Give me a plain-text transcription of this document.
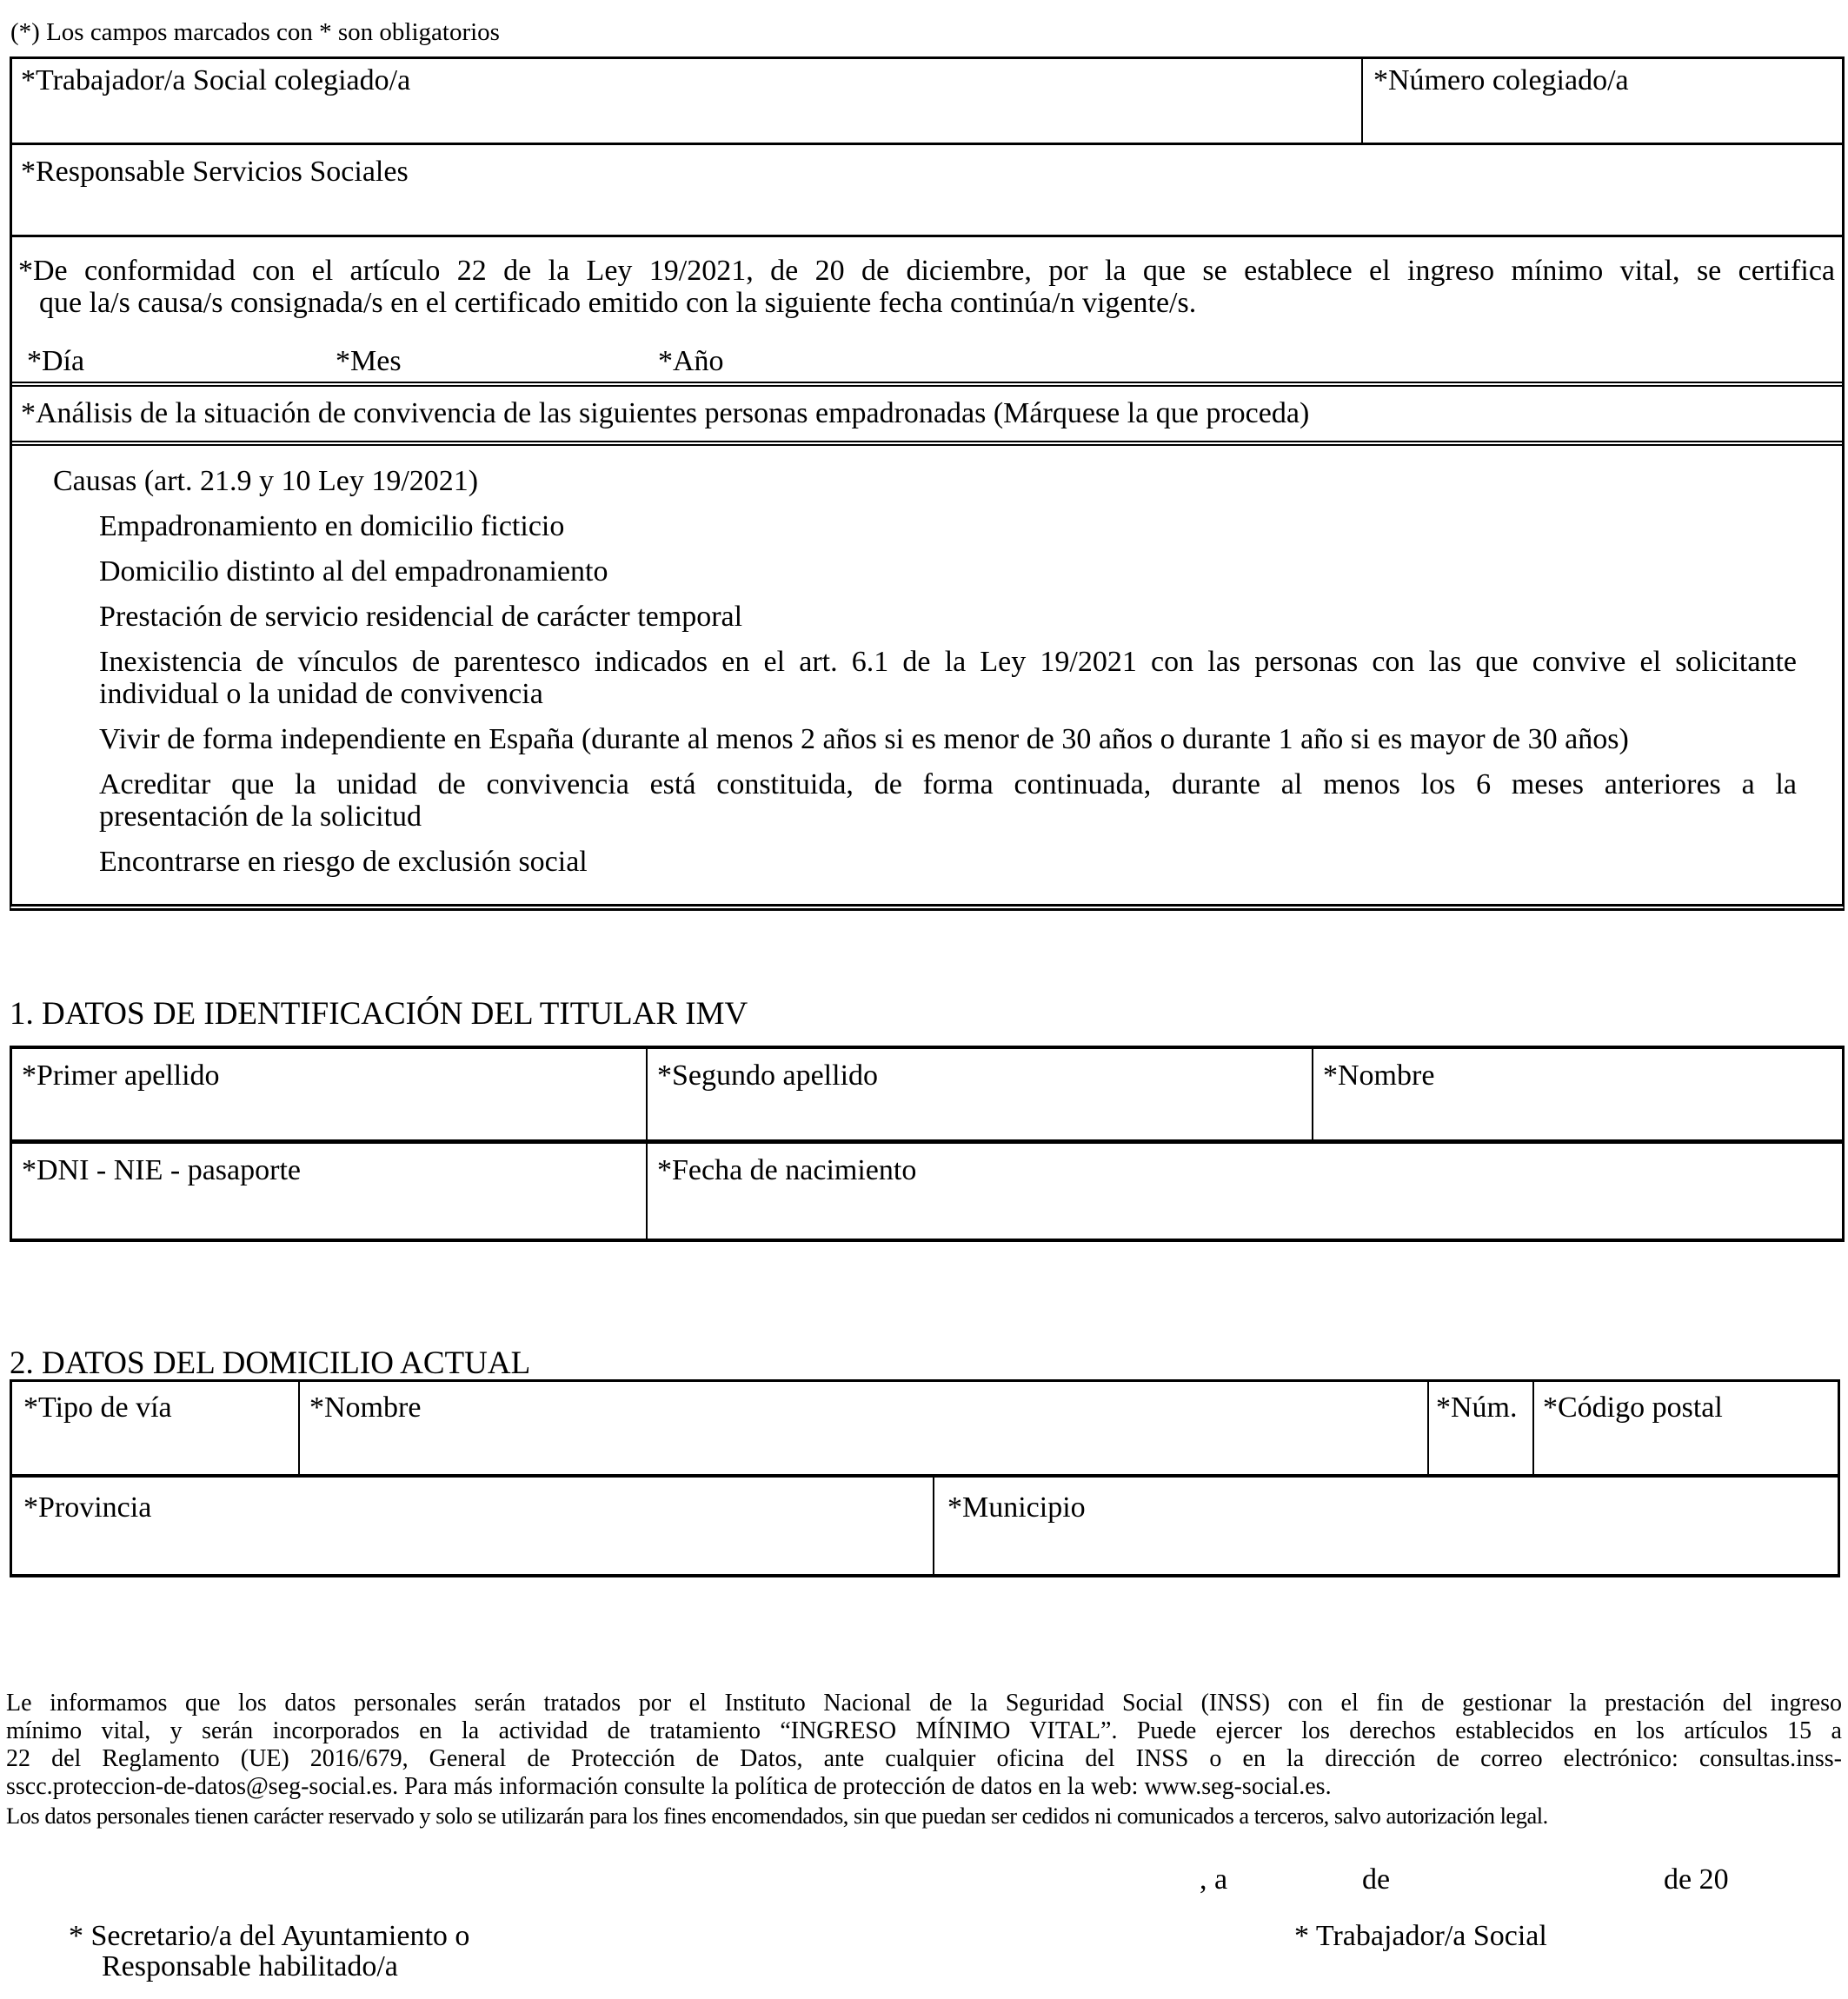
(*) Los campos marcados con * son obligatorios
*Trabajador/a Social colegiado/a	*Número colegiado/a
*Responsable Servicios Sociales
*De conformidad con el artículo 22 de la Ley 19/2021, de 20 de diciembre, por la que se establece el ingreso mínimo vital, se certifica
que la/s causa/s consignada/s en el certificado emitido con la siguiente fecha continúa/n vigente/s.
*Día	*Mes	*Año
*Análisis de la situación de convivencia de las siguientes personas empadronadas (Márquese la que proceda)
Causas (art. 21.9 y 10 Ley 19/2021)
Empadronamiento en domicilio ficticio
Domicilio distinto al del empadronamiento
Prestación de servicio residencial de carácter temporal
Inexistencia de vínculos de parentesco indicados en el art. 6.1 de la Ley 19/2021 con las personas con las que convive el solicitante
individual o la unidad de convivencia
Vivir de forma independiente en España (durante al menos 2 años si es menor de 30 años o durante 1 año si es mayor de 30 años)
Acreditar que la unidad de convivencia está constituida, de forma continuada, durante al menos los 6 meses anteriores a la
presentación de la solicitud
Encontrarse en riesgo de exclusión social
1. DATOS DE IDENTIFICACIÓN DEL TITULAR IMV
*Primer apellido	*Segundo apellido	*Nombre
*DNI - NIE - pasaporte	*Fecha de nacimiento
2. DATOS DEL DOMICILIO ACTUAL
*Tipo de vía	*Nombre	*Núm. *Código postal
*Provincia	*Municipio
Le informamos que los datos personales serán tratados por el Instituto Nacional de la Seguridad Social (INSS) con el fin de gestionar la prestación del ingreso
mínimo vital, y serán incorporados en la actividad de tratamiento “INGRESO MÍNIMO VITAL”. Puede ejercer los derechos establecidos en los artículos 15 a
22 del Reglamento (UE) 2016/679, General de Protección de Datos, ante cualquier oficina del INSS o en la dirección de correo electrónico: consultas.inss-
sscc.proteccion-de-datos@seg-social.es. Para más información consulte la política de protección de datos en la web: www.seg-social.es.
Los datos personales tienen carácter reservado y solo se utilizarán para los fines encomendados, sin que puedan ser cedidos ni comunicados a terceros, salvo autorización legal.
, a	de	de 20
* Secretario/a del Ayuntamiento o
Responsable habilitado/a
* Trabajador/a Social
